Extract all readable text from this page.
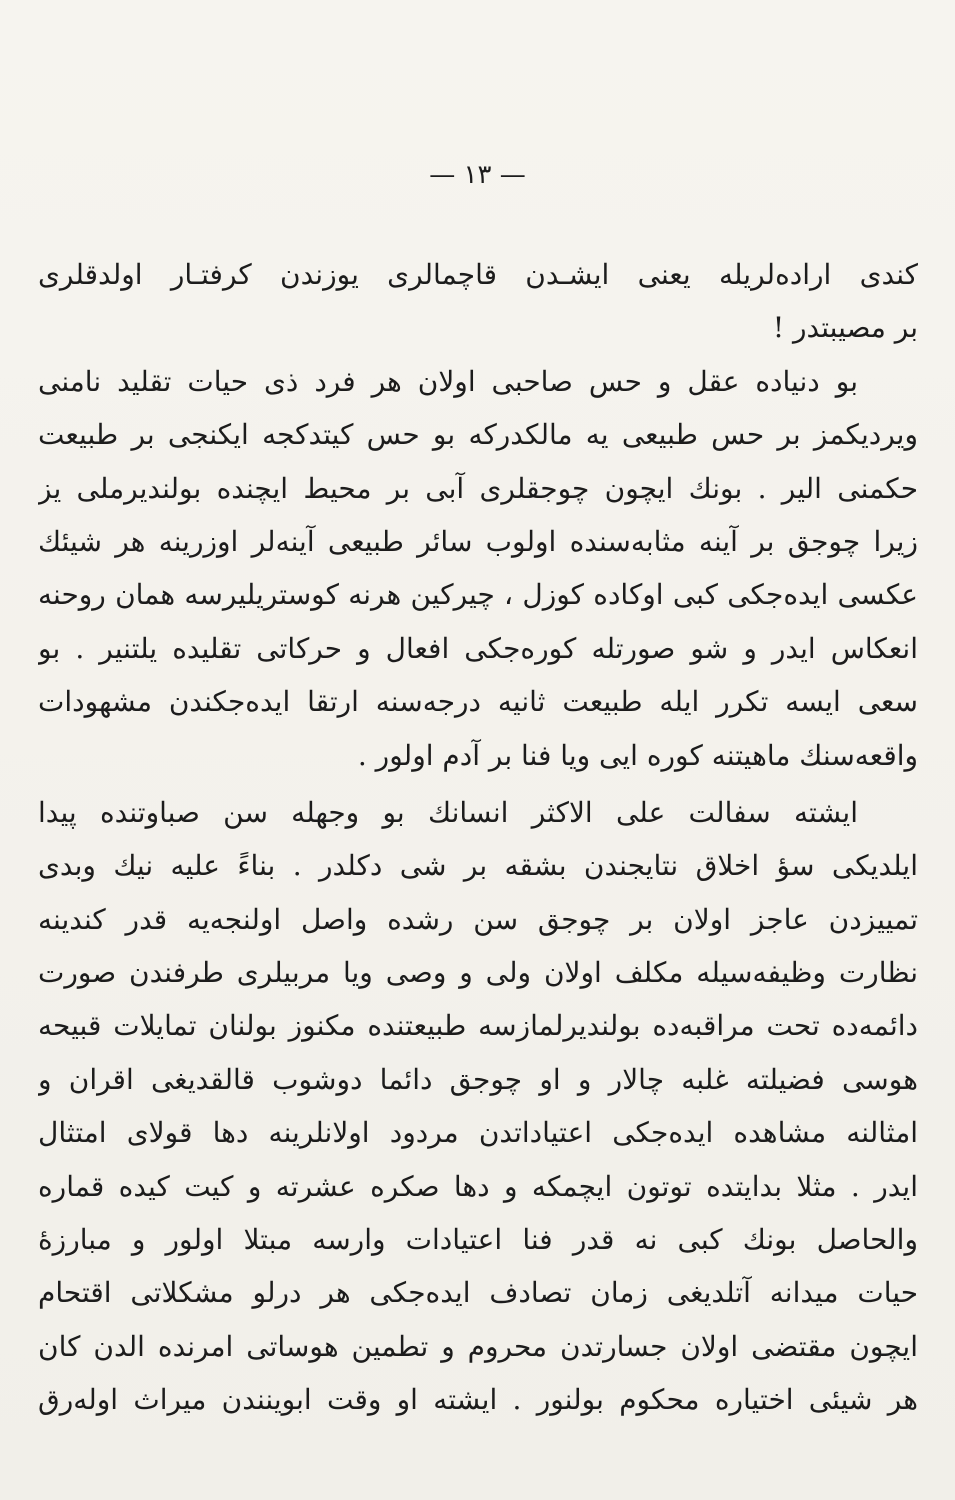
— ۱۳ —
کندی ارادەلریلە یعنی ایشـدن قاچمالری یوزندن کرفتـار اولدقلری
بر مصیبتدر !
بو دنیادە عقل و حس صاحبی اولان هر فرد ذی حیات تقلید نامنی
ویردیکمز بر حس طبیعی یە مالکدرکە بو حس کیتدکجە ایکنجی بر طبیعت
حکمنی الیر . بونك ایچون چوجقلری آبی بر محیط ایچندە بولندیرملی یز
زیرا چوجق بر آینە مثابەسندە اولوب سائر طبیعی آینەلر اوزرینە هر شیئك
عکسی ایدەجکی کبی اوکادە کوزل ، چیرکین هرنە کوستریلیرسە همان روحنە
انعکاس ایدر و شو صورتلە کورەجکی افعال و حرکاتی تقلیدە یلتنیر . بو
سعی ایسە تکرر ایلە طبیعت ثانیە درجەسنە ارتقا ایدەجکندن مشهودات
واقعەسنك ماهیتنە کورە ایی ویا فنا بر آدم اولور .
ایشتە سفالت علی الاکثر انسانك بو وجهلە سن صباوتندە پیدا
ایلدیکی سؤ اخلاق نتایجندن بشقە بر شی دکلدر . بناءً علیە نیك وبدی
تمییزدن عاجز اولان بر چوجق سن رشدە واصل اولنجەیە قدر کندینە
نظارت وظیفەسیلە مکلف اولان ولی و وصی ویا مربیلری طرفندن صورت
دائمەدە تحت مراقبەدە بولندیرلمازسە طبیعتندە مکنوز بولنان تمایلات قبیحە
هوسی فضیلتە غلبە چالار و او چوجق دائما دوشوب قالقدیغی اقران و
امثالنە مشاهدە ایدەجکی اعتیاداتدن مردود اولانلرینە دها قولای امتثال
ایدر . مثلا بدایتدە توتون ایچمکە و دها صکرە عشرتە و کیت کیدە قمارە
والحاصل بونك کبی نە قدر فنا اعتیادات وارسە مبتلا اولور و مبارزۀ
حیات میدانە آتلدیغی زمان تصادف ایدەجکی هر درلو مشکلاتی اقتحام
ایچون مقتضی اولان جسارتدن محروم و تطمین هوساتی امرندە الدن کان
هر شیئی اختیارە محکوم بولنور . ایشتە او وقت ابوینندن میراث اولەرق
